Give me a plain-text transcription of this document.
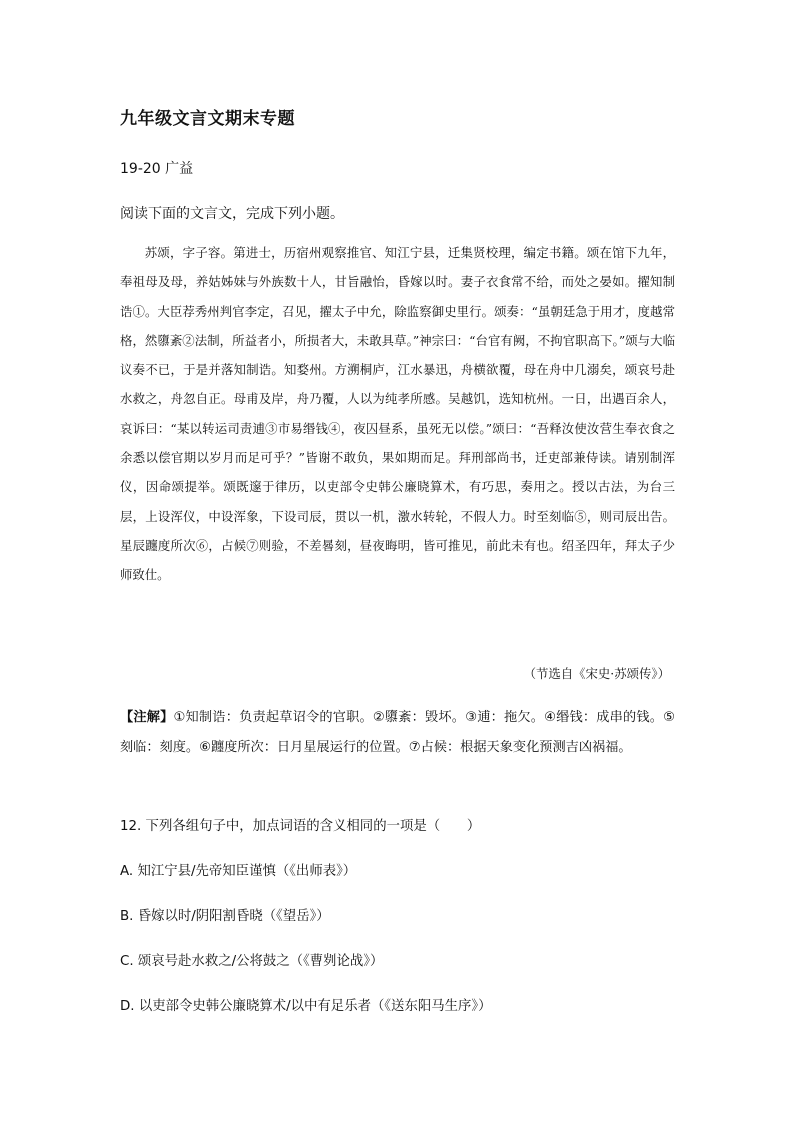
九年级文言文期末专题
19-20 广益
阅读下面的文言文，完成下列小题。

苏颂，字子容。第进士，历宿州观察推官、知江宁县，迁集贤校理，编定书籍。颂在馆下九年，奉祖母及母，养姑姊妹与外族数十人，甘旨融怡，昏嫁以时。妻子衣食常不给，而处之晏如。擢知制诰①。大臣荐秀州判官李定，召见，擢太子中允，除监察御史里行。颂奏：“虽朝廷急于用才，度越常格，然隳紊②法制，所益者小，所损者大，未敢具草。”神宗曰：“台官有阙，不拘官职高下。”颂与大临议奏不已，于是并落知制诰。知婺州。方溯桐庐，江水暴迅，舟横欲覆，母在舟中几溺矣，颂哀号赴水救之，舟忽自正。母甫及岸，舟乃覆，人以为纯孝所感。吴越饥，选知杭州。一日，出遇百余人，哀诉曰：“某以转运司责逋③市易缗钱④，夜囚昼系，虽死无以偿。”颂曰：“吾释汝使汝营生奉衣食之余悉以偿官期以岁月而足可乎？”皆谢不敢负，果如期而足。拜刑部尚书，迁吏部兼侍读。请别制浑仪，因命颂提举。颂既邃于律历，以吏部令史韩公廉晓算术，有巧思，奏用之。授以古法，为台三层，上设浑仪，中设浑象，下设司辰，贯以一机，激水转轮，不假人力。时至刻临⑤，则司辰出告。星辰躔度所次⑥，占候⑦则验，不差晷刻，昼夜晦明，皆可推见，前此未有也。绍圣四年，拜太子少师致仕。

（节选自《宋史·苏颂传》）

【注解】①知制诰：负责起草诏令的官职。②隳紊：毁坏。③逋：拖欠。④缗钱：成串的钱。⑤刻临：刻度。⑥躔度所次：日月星展运行的位置。⑦占候：根据天象变化预测吉凶祸福。

12. 下列各组句子中，加点词语的含义相同的一项是（　　）
A. 知江宁县/先帝知臣谨慎（《出师表》）
B. 昏嫁以时/阴阳割昏晓（《望岳》）
C. 颂哀号赴水救之/公将鼓之（《曹刿论战》）
D. 以吏部令史韩公廉晓算术/以中有足乐者（《送东阳马生序》）
